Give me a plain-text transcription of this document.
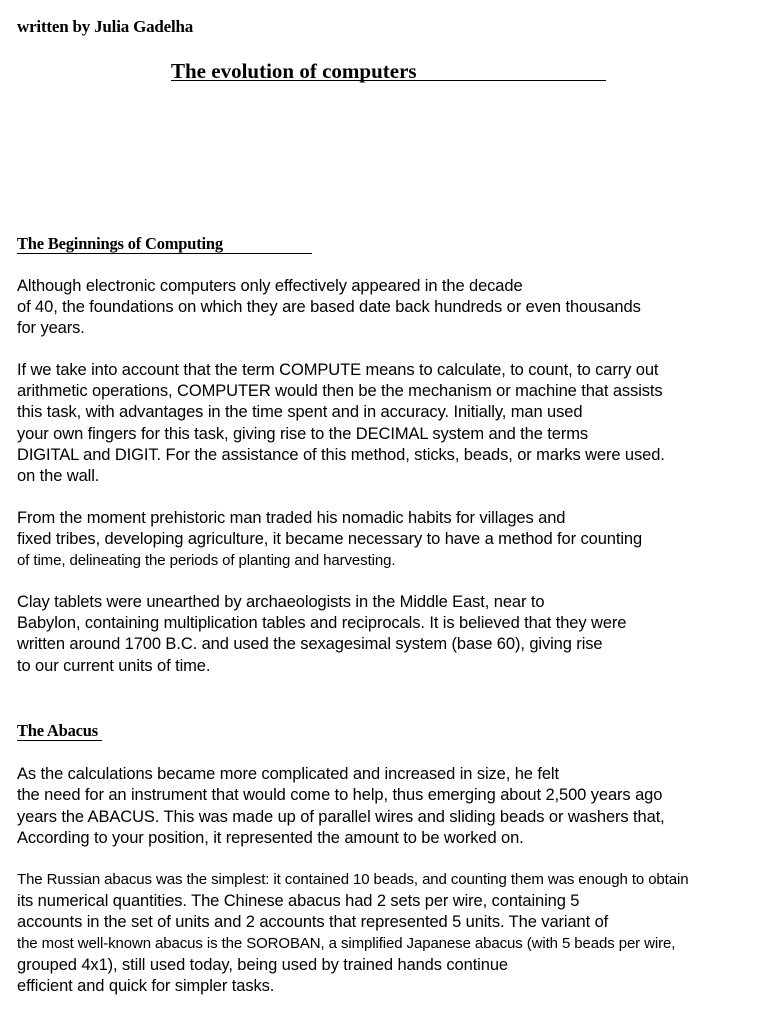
written by Julia Gadelha
The evolution of computers
The Beginnings of Computing
Although electronic computers only effectively appeared in the decade
of 40, the foundations on which they are based date back hundreds or even thousands
for years.
If we take into account that the term COMPUTE means to calculate, to count, to carry out
arithmetic operations, COMPUTER would then be the mechanism or machine that assists
this task, with advantages in the time spent and in accuracy. Initially, man used
your own fingers for this task, giving rise to the DECIMAL system and the terms
DIGITAL and DIGIT. For the assistance of this method, sticks, beads, or marks were used.
on the wall.
From the moment prehistoric man traded his nomadic habits for villages and
fixed tribes, developing agriculture, it became necessary to have a method for counting
of time, delineating the periods of planting and harvesting.
Clay tablets were unearthed by archaeologists in the Middle East, near to
Babylon, containing multiplication tables and reciprocals. It is believed that they were
written around 1700 B.C. and used the sexagesimal system (base 60), giving rise
to our current units of time.
The Abacus
As the calculations became more complicated and increased in size, he felt
the need for an instrument that would come to help, thus emerging about 2,500 years ago
years the ABACUS. This was made up of parallel wires and sliding beads or washers that,
According to your position, it represented the amount to be worked on.
The Russian abacus was the simplest: it contained 10 beads, and counting them was enough to obtain
its numerical quantities. The Chinese abacus had 2 sets per wire, containing 5
accounts in the set of units and 2 accounts that represented 5 units. The variant of
the most well-known abacus is the SOROBAN, a simplified Japanese abacus (with 5 beads per wire,
grouped 4x1), still used today, being used by trained hands continue
efficient and quick for simpler tasks.
